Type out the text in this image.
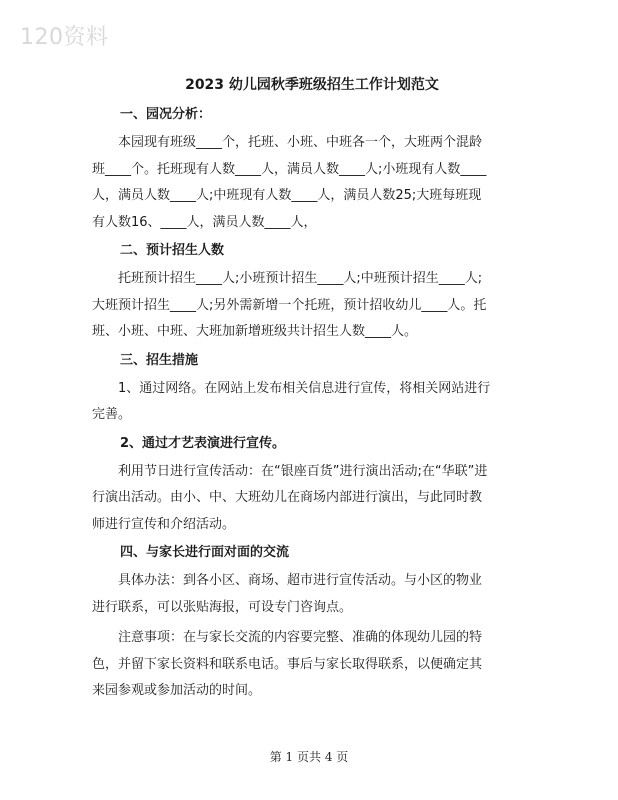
120资料
2023 幼儿园秋季班级招生工作计划范文
一、园况分析：
　　本园现有班级____个，托班、小班、中班各一个，大班两个混龄
班____个。托班现有人数____人，满员人数____人;小班现有人数____
人，满员人数____人;中班现有人数____人，满员人数25;大班每班现
有人数16、____人，满员人数____人，
二、预计招生人数
　　托班预计招生____人;小班预计招生____人;中班预计招生____人;
大班预计招生____人;另外需新增一个托班，预计招收幼儿____人。托
班、小班、中班、大班加新增班级共计招生人数____人。
三、招生措施
　　1、通过网络。在网站上发布相关信息进行宣传，将相关网站进行
完善。
2、通过才艺表演进行宣传。
　　利用节日进行宣传活动：在“银座百货”进行演出活动;在“华联”进
行演出活动。由小、中、大班幼儿在商场内部进行演出，与此同时教
师进行宣传和介绍活动。
四、与家长进行面对面的交流
　　具体办法：到各小区、商场、超市进行宣传活动。与小区的物业
进行联系，可以张贴海报，可设专门咨询点。
　　注意事项：在与家长交流的内容要完整、准确的体现幼儿园的特
色，并留下家长资料和联系电话。事后与家长取得联系，以便确定其
来园参观或参加活动的时间。
第 1 页共 4 页
